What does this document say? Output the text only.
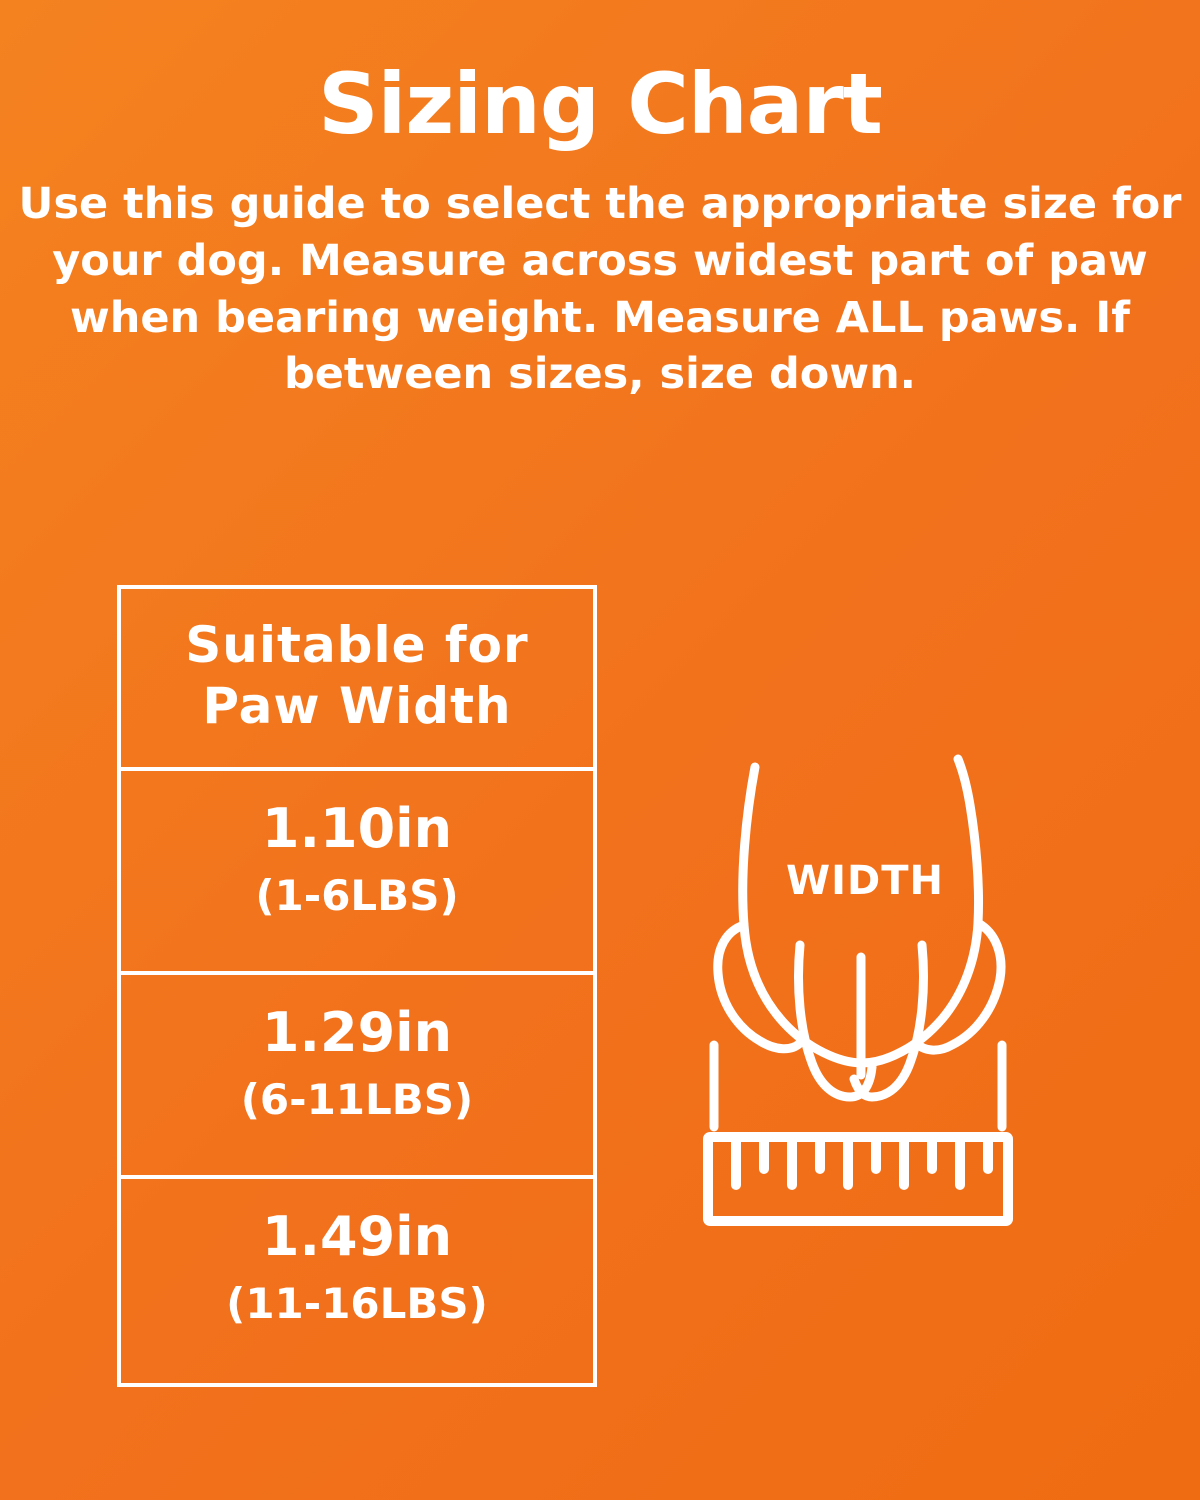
Sizing Chart
Use this guide to select the appropriate size for your dog. Measure across widest part of paw when bearing weight. Measure ALL paws. If between sizes, size down.
Suitable for
Paw Width
1.10in
(1-6LBS)
1.29in
(6-11LBS)
1.49in
(11-16LBS)
WIDTH
